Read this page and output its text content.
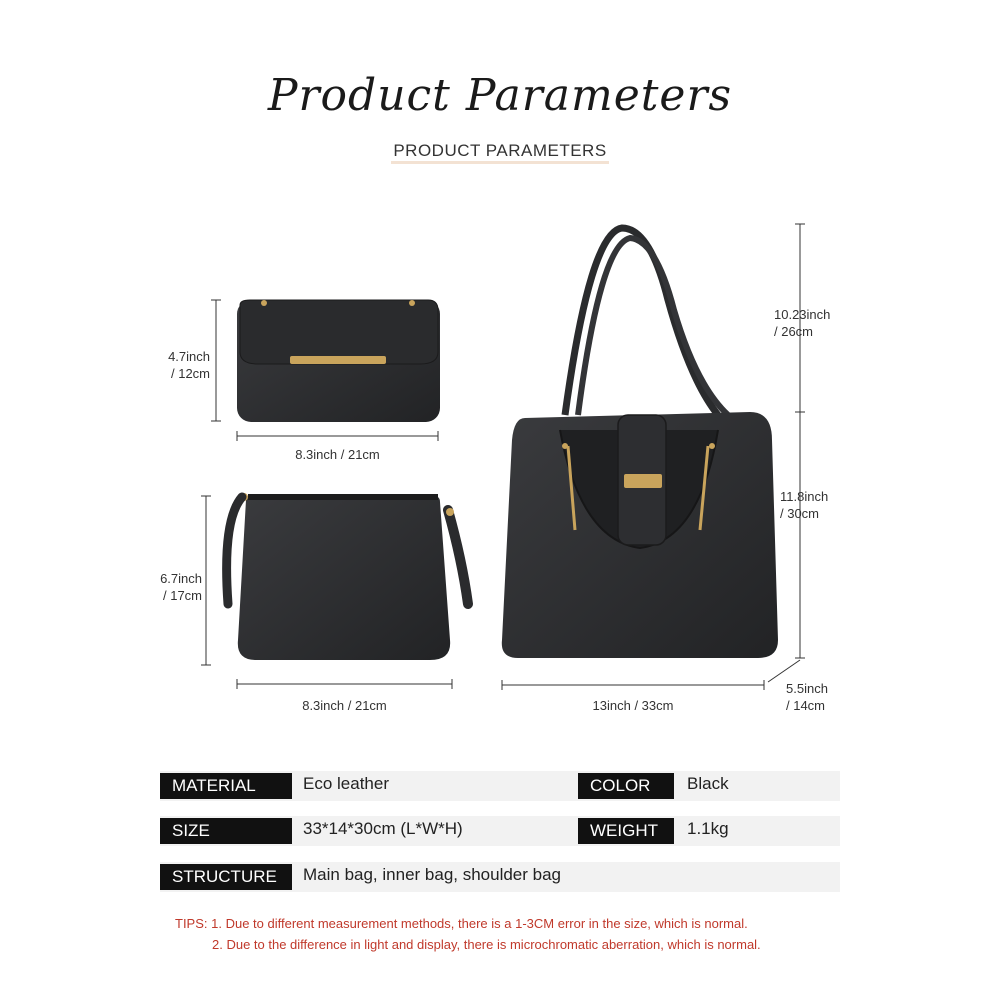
Product Parameters
PRODUCT PARAMETERS
4.7inch
/ 12cm
8.3inch / 21cm
6.7inch
/ 17cm
8.3inch / 21cm
10.23inch
/ 26cm
11.8inch
/ 30cm
13inch / 33cm
5.5inch
/ 14cm
MATERIAL	Eco leather	COLOR	Black
SIZE	33*14*30cm (L*W*H)	WEIGHT	1.1kg
STRUCTURE	Main bag, inner bag, shoulder bag
TIPS: 1. Due to different measurement methods, there is a 1-3CM error in the size, which is normal.
2. Due to the difference in light and display, there is microchromatic aberration, which is normal.
